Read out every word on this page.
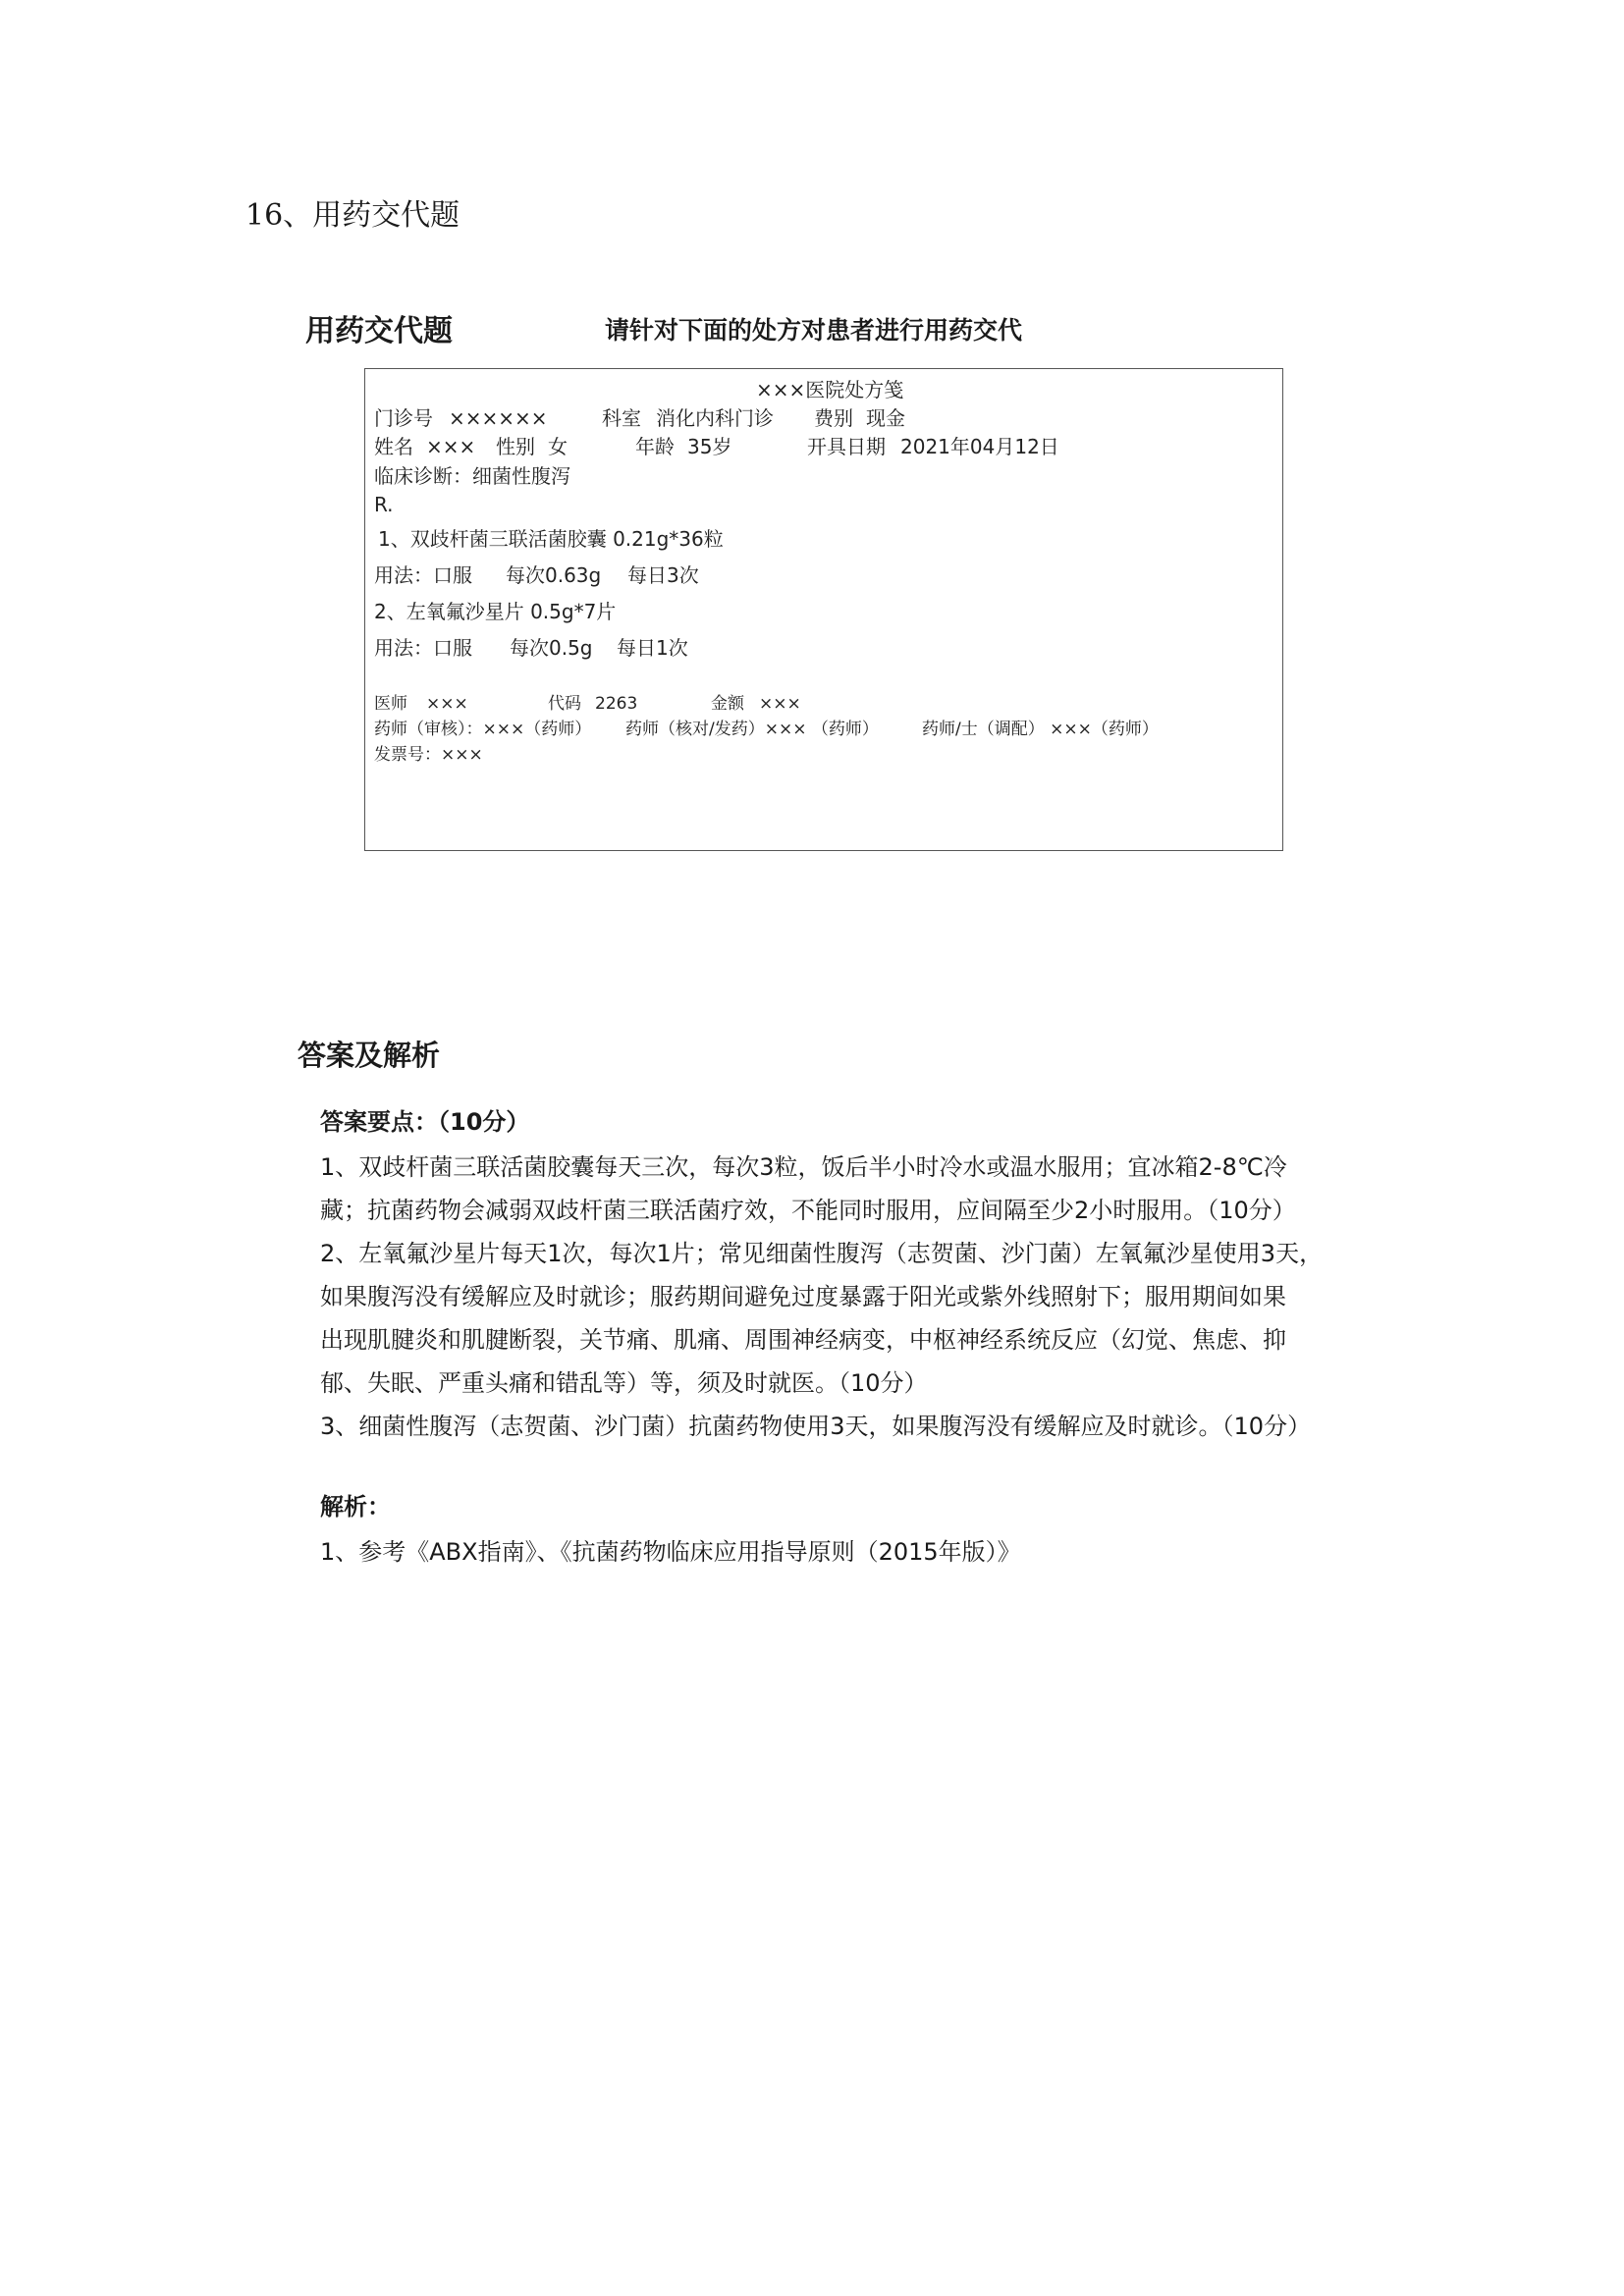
16、用药交代题
用药交代题	请针对下面的处方对患者进行用药交代
×××医院处方笺
门诊号 ××××××	科室 消化内科门诊 费别 现金
姓名 ××× 性别 女	年龄 35岁	开具日期 2021年04月12日
临床诊断：细菌性腹泻
R.
1、双歧杆菌三联活菌胶囊 0.21g*36粒
用法：口服 每次0.63g 每日3次
2、左氧氟沙星片 0.5g*7片
用法：口服 每次0.5g 每日1次
医师 ×××	代码 2263	金额 ×××
药师（审核）：×××（药师） 药师（核对/发药）××× （药师）	药师/士（调配） ×××（药师）
发票号：×××
答案及解析
答案要点：（10分）
1、双歧杆菌三联活菌胶囊每天三次，每次3粒，饭后半小时冷水或温水服用；宜冰箱2-8℃冷
藏；抗菌药物会减弱双歧杆菌三联活菌疗效，不能同时服用，应间隔至少2小时服用。（10分）
2、左氧氟沙星片每天1次，每次1片；常见细菌性腹泻（志贺菌、沙门菌）左氧氟沙星使用3天，
如果腹泻没有缓解应及时就诊；服药期间避免过度暴露于阳光或紫外线照射下；服用期间如果
出现肌腱炎和肌腱断裂，关节痛、肌痛、周围神经病变，中枢神经系统反应（幻觉、焦虑、抑
郁、失眠、严重头痛和错乱等）等，须及时就医。（10分）
3、细菌性腹泻（志贺菌、沙门菌）抗菌药物使用3天，如果腹泻没有缓解应及时就诊。（10分）
解析：
1、参考《ABX指南》、《抗菌药物临床应用指导原则（2015年版）》
